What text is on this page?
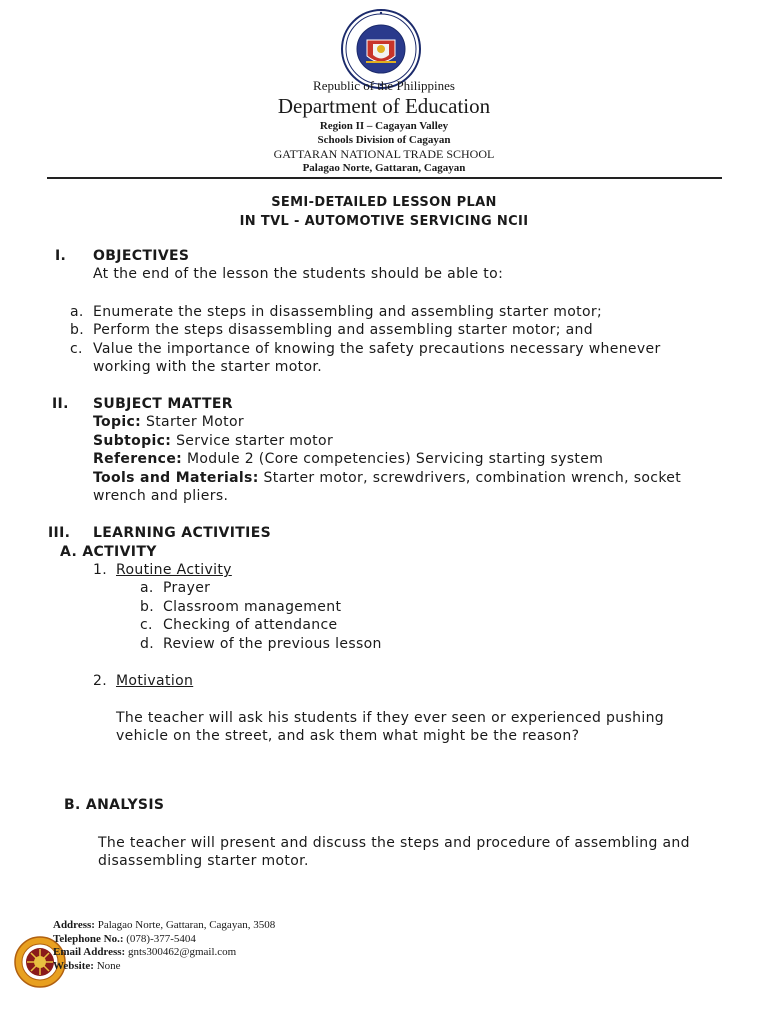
Republic of the Philippines
Department of Education
Region II – Cagayan Valley
Schools Division of Cagayan
GATTARAN NATIONAL TRADE SCHOOL
Palagao Norte, Gattaran, Cagayan
SEMI-DETAILED LESSON PLAN
IN TVL - AUTOMOTIVE SERVICING NCII
I. OBJECTIVES
At the end of the lesson the students should be able to:
a. Enumerate the steps in disassembling and assembling starter motor;
b. Perform the steps disassembling and assembling starter motor; and
c. Value the importance of knowing the safety precautions necessary whenever
working with the starter motor.
II. SUBJECT MATTER
Topic: Starter Motor
Subtopic: Service starter motor
Reference: Module 2 (Core competencies) Servicing starting system
Tools and Materials: Starter motor, screwdrivers, combination wrench, socket
wrench and pliers.
III. LEARNING ACTIVITIES
A. ACTIVITY
1. Routine Activity
a. Prayer
b. Classroom management
c. Checking of attendance
d. Review of the previous lesson
2. Motivation
The teacher will ask his students if they ever seen or experienced pushing
vehicle on the street, and ask them what might be the reason?
B. ANALYSIS
The teacher will present and discuss the steps and procedure of assembling and
disassembling starter motor.
Address: Palagao Norte, Gattaran, Cagayan, 3508
Telephone No.: (078)-377-5404
Email Address: gnts300462@gmail.com
Website: None
